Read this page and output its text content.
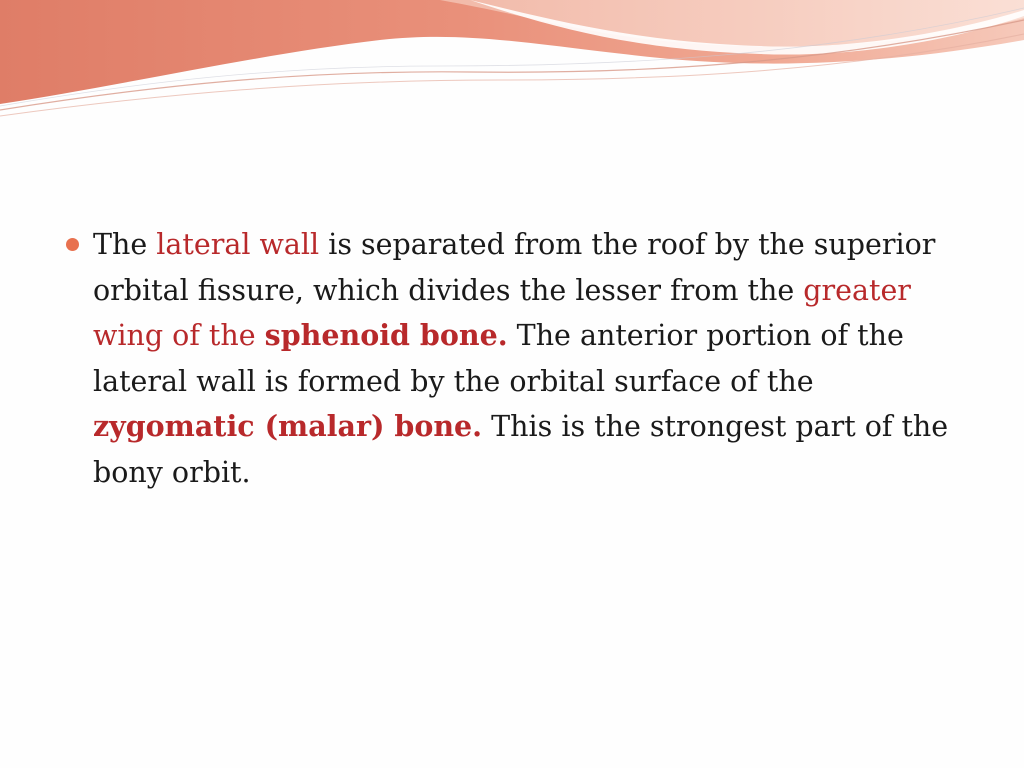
The lateral wall is separated from the roof by the superior orbital fissure, which divides the lesser from the greater wing of the sphenoid bone. The anterior portion of the lateral wall is formed by the orbital surface of the zygomatic (malar) bone. This is the strongest part of the bony orbit.
